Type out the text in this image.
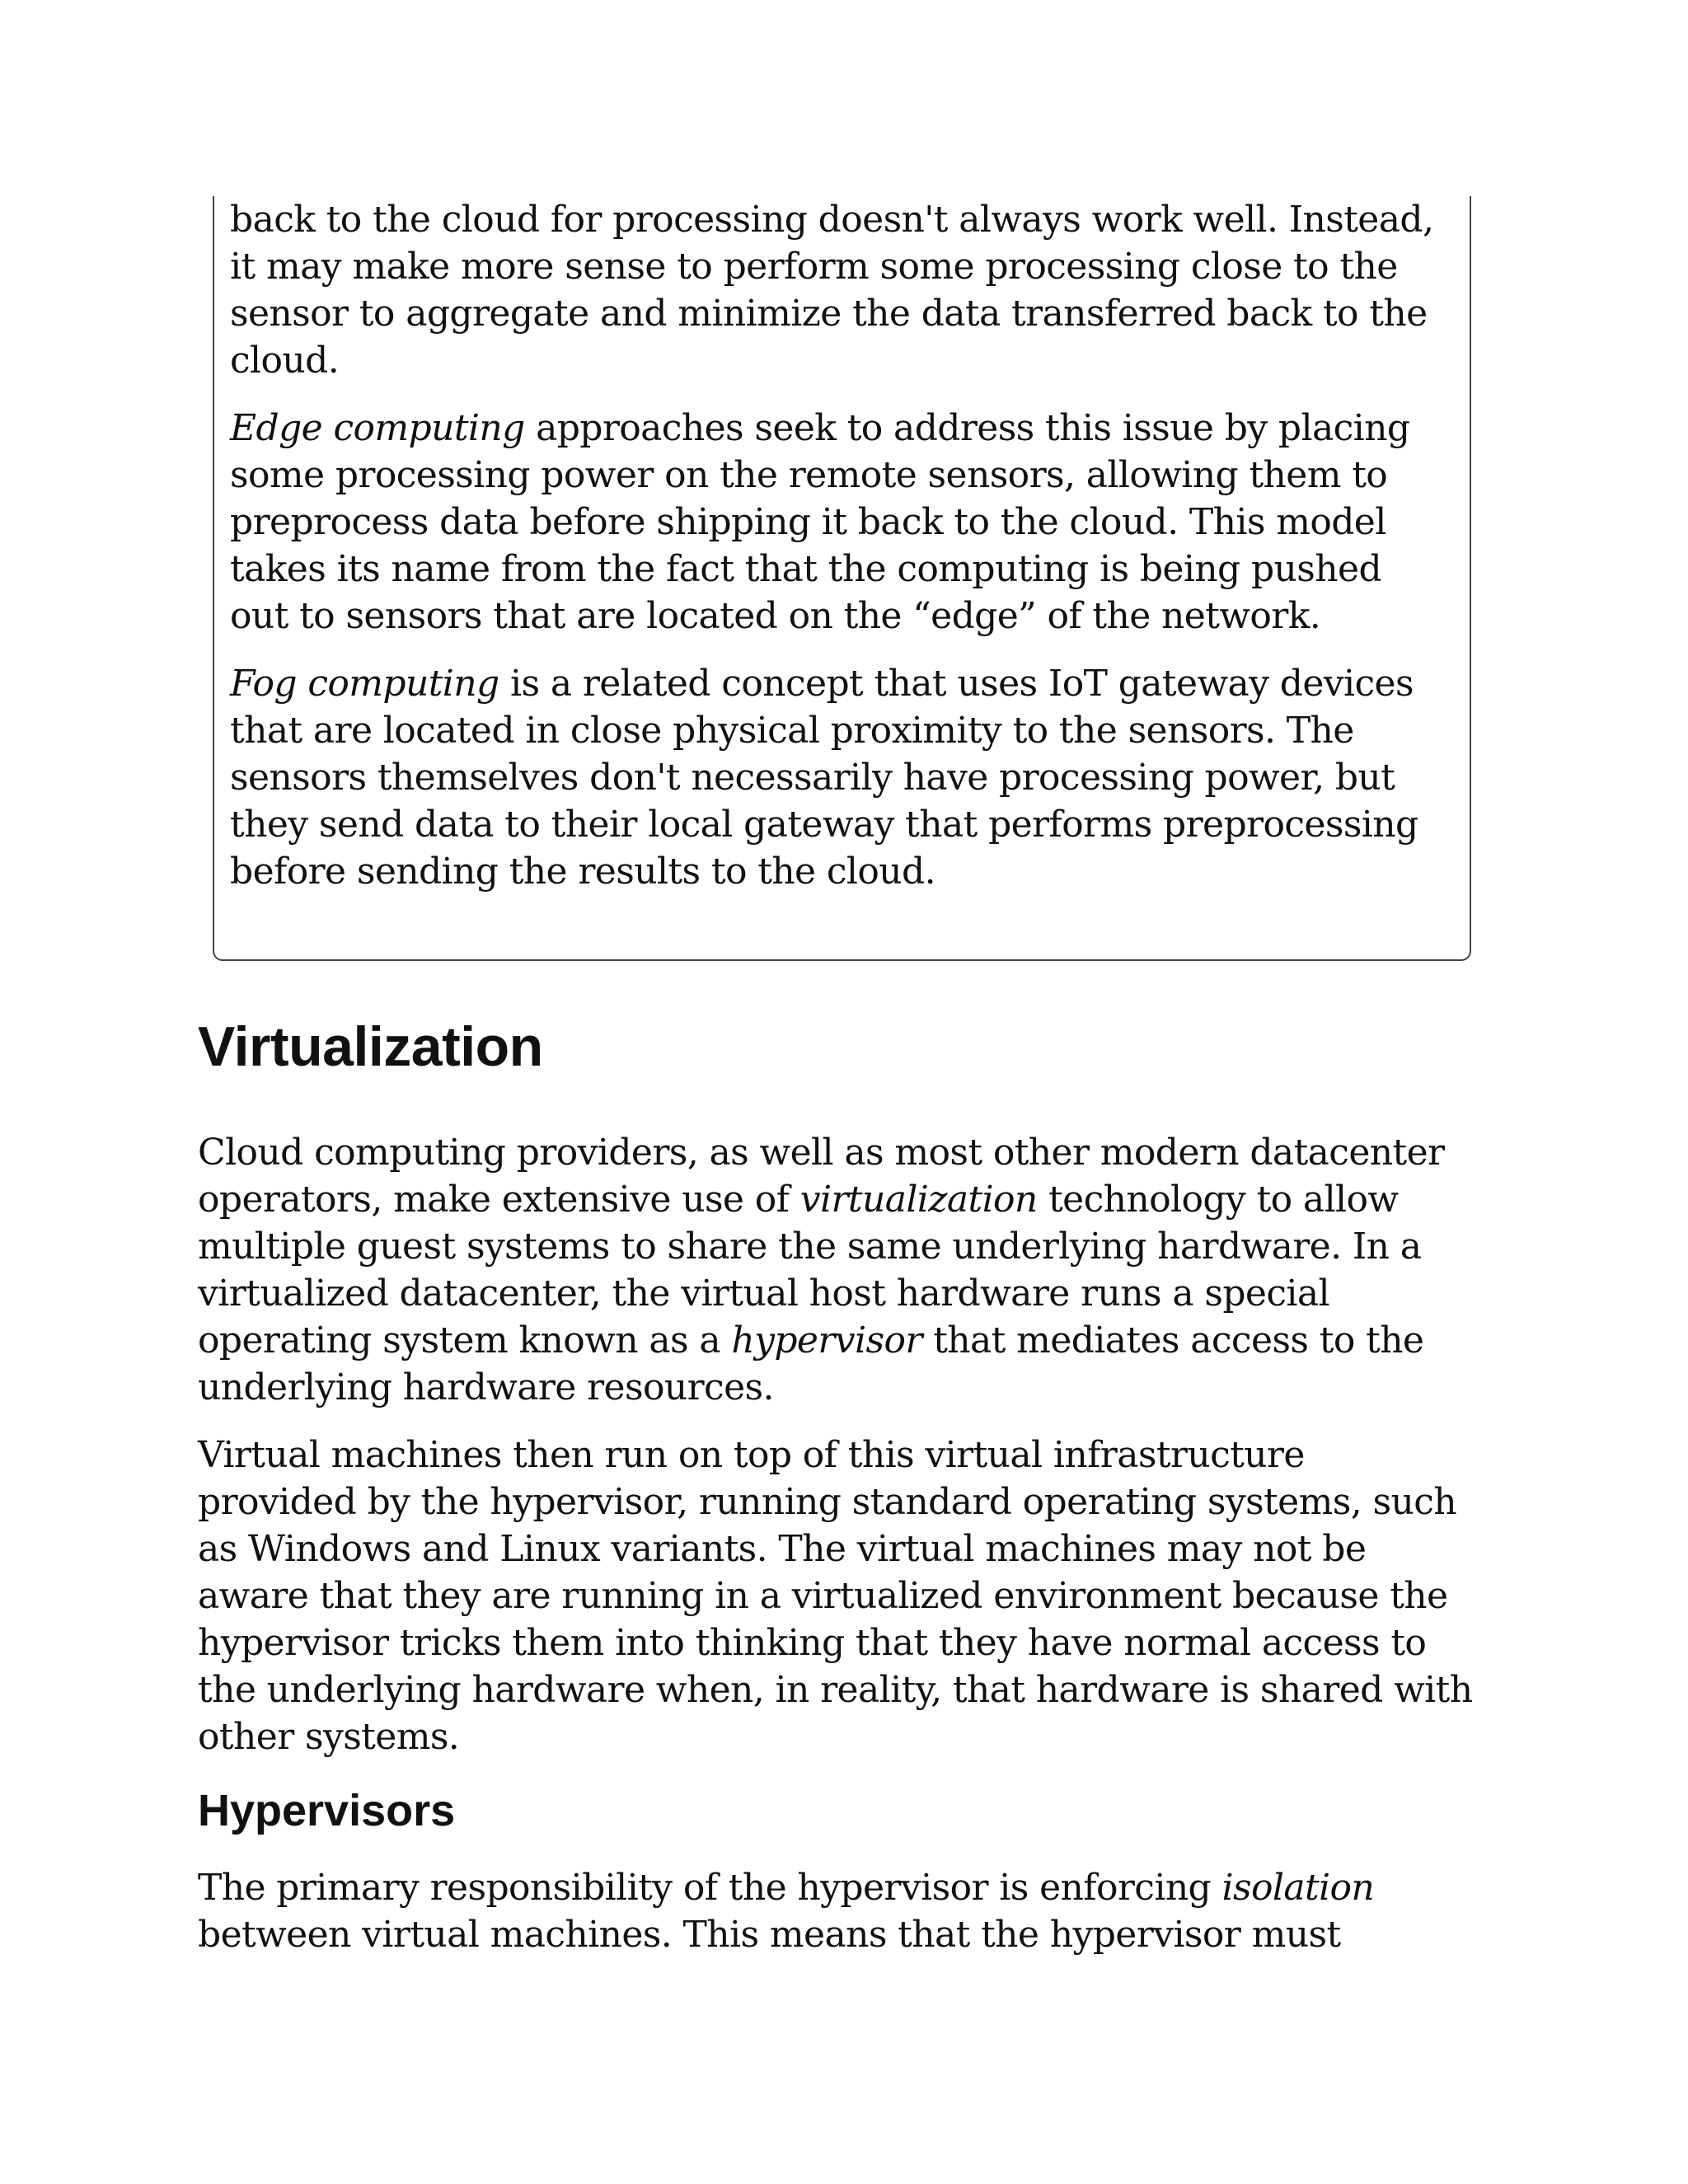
back to the cloud for processing doesn't always work well. Instead,
it may make more sense to perform some processing close to the
sensor to aggregate and minimize the data transferred back to the
cloud.

Edge computing approaches seek to address this issue by placing
some processing power on the remote sensors, allowing them to
preprocess data before shipping it back to the cloud. This model
takes its name from the fact that the computing is being pushed
out to sensors that are located on the “edge” of the network.

Fog computing is a related concept that uses IoT gateway devices
that are located in close physical proximity to the sensors. The
sensors themselves don't necessarily have processing power, but
they send data to their local gateway that performs preprocessing
before sending the results to the cloud.

Virtualization

Cloud computing providers, as well as most other modern datacenter
operators, make extensive use of virtualization technology to allow
multiple guest systems to share the same underlying hardware. In a
virtualized datacenter, the virtual host hardware runs a special
operating system known as a hypervisor that mediates access to the
underlying hardware resources.

Virtual machines then run on top of this virtual infrastructure
provided by the hypervisor, running standard operating systems, such
as Windows and Linux variants. The virtual machines may not be
aware that they are running in a virtualized environment because the
hypervisor tricks them into thinking that they have normal access to
the underlying hardware when, in reality, that hardware is shared with
other systems.

Hypervisors

The primary responsibility of the hypervisor is enforcing isolation
between virtual machines. This means that the hypervisor must
